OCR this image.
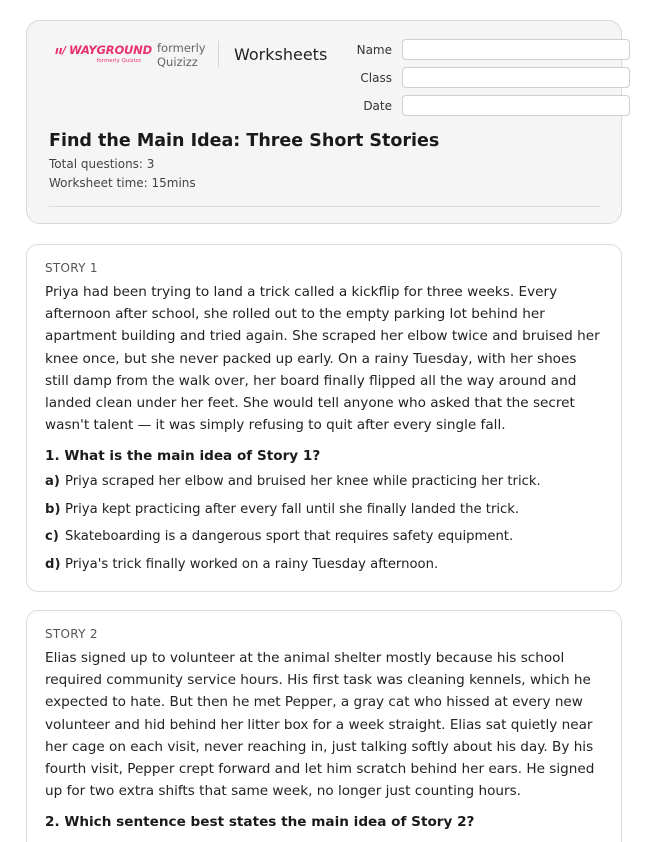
ıı/ WAYGROUND
formerly Quizizz
formerly
Quizizz	Worksheets	Name
Class
Date
Find the Main Idea: Three Short Stories
Total questions: 3
Worksheet time: 15mins
STORY 1

Priya had been trying to land a trick called a kickflip for three weeks. Every afternoon after school, she rolled out to the empty parking lot behind her apartment building and tried again. She scraped her elbow twice and bruised her knee once, but she never packed up early. On a rainy Tuesday, with her shoes still damp from the walk over, her board finally flipped all the way around and landed clean under her feet. She would tell anyone who asked that the secret wasn't talent — it was simply refusing to quit after every single fall.

1. What is the main idea of Story 1?
a) Priya scraped her elbow and bruised her knee while practicing her trick.
b) Priya kept practicing after every fall until she finally landed the trick.
c) Skateboarding is a dangerous sport that requires safety equipment.
d) Priya's trick finally worked on a rainy Tuesday afternoon.
STORY 2

Elias signed up to volunteer at the animal shelter mostly because his school required community service hours. His first task was cleaning kennels, which he expected to hate. But then he met Pepper, a gray cat who hissed at every new volunteer and hid behind her litter box for a week straight. Elias sat quietly near her cage on each visit, never reaching in, just talking softly about his day. By his fourth visit, Pepper crept forward and let him scratch behind her ears. He signed up for two extra shifts that same week, no longer just counting hours.

2. Which sentence best states the main idea of Story 2?
